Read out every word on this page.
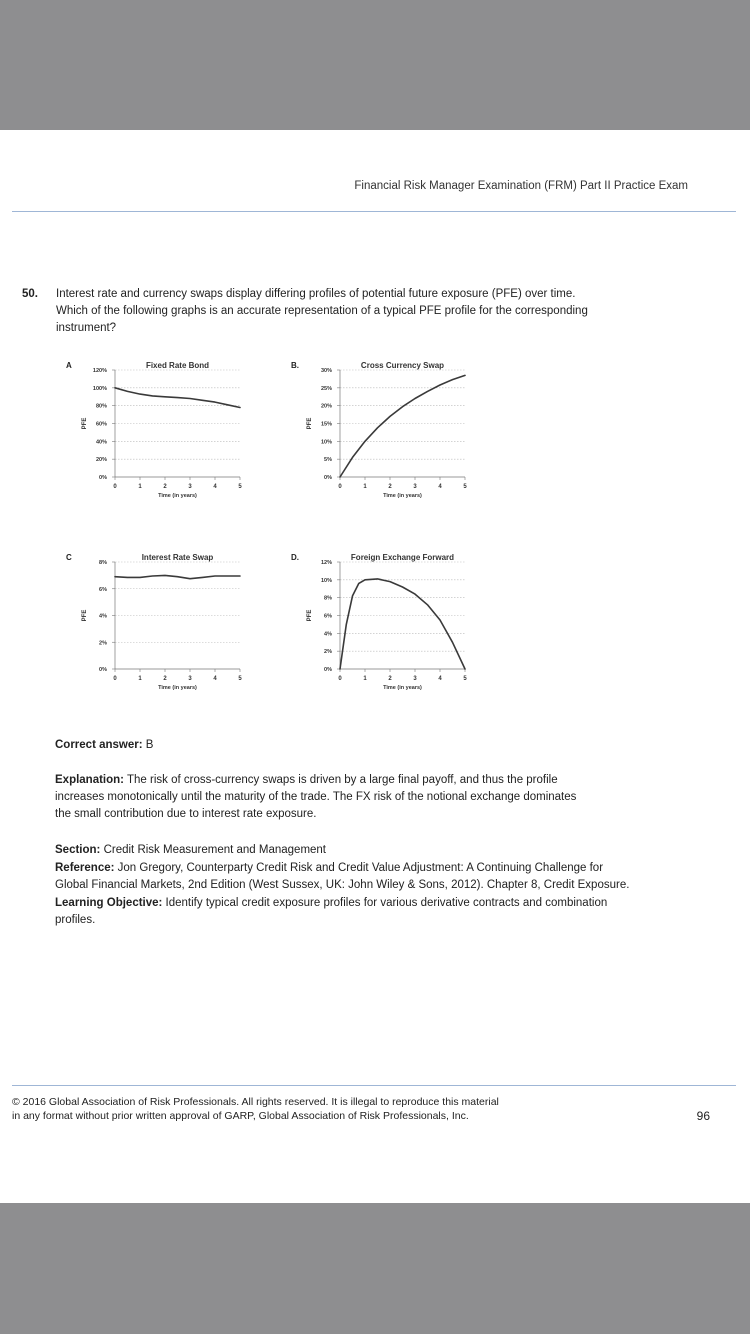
Financial Risk Manager Examination (FRM) Part II Practice Exam
50. Interest rate and currency swaps display differing profiles of potential future exposure (PFE) over time.
Which of the following graphs is an accurate representation of a typical PFE profile for the corresponding
instrument?
A	Fixed Rate Bond
0%
20%
40%
60%
80%
100%
120%
0	1	2	3	4	5
Time (in years)
PFE
B.	Cross Currency Swap
0%
5%
10%
15%
20%
25%
30%
0	1	2	3	4	5
Time (in years)
PFE
C	Interest Rate Swap
0%
2%
4%
6%
8%
0	1	2	3	4	5
Time (in years)
PFE
D.	Foreign Exchange Forward
0%
2%
4%
6%
8%
10%
12%
0	1	2	3	4	5
Time (in years)
PFE
Correct answer: B
Explanation: The risk of cross-currency swaps is driven by a large final payoff, and thus the profile
increases monotonically until the maturity of the trade. The FX risk of the notional exchange dominates
the small contribution due to interest rate exposure.
Section: Credit Risk Measurement and Management
Reference: Jon Gregory, Counterparty Credit Risk and Credit Value Adjustment: A Continuing Challenge for
Global Financial Markets, 2nd Edition (West Sussex, UK: John Wiley & Sons, 2012). Chapter 8, Credit Exposure.
Learning Objective: Identify typical credit exposure profiles for various derivative contracts and combination
profiles.
© 2016 Global Association of Risk Professionals. All rights reserved. It is illegal to reproduce this material
in any format without prior written approval of GARP, Global Association of Risk Professionals, Inc.	96
